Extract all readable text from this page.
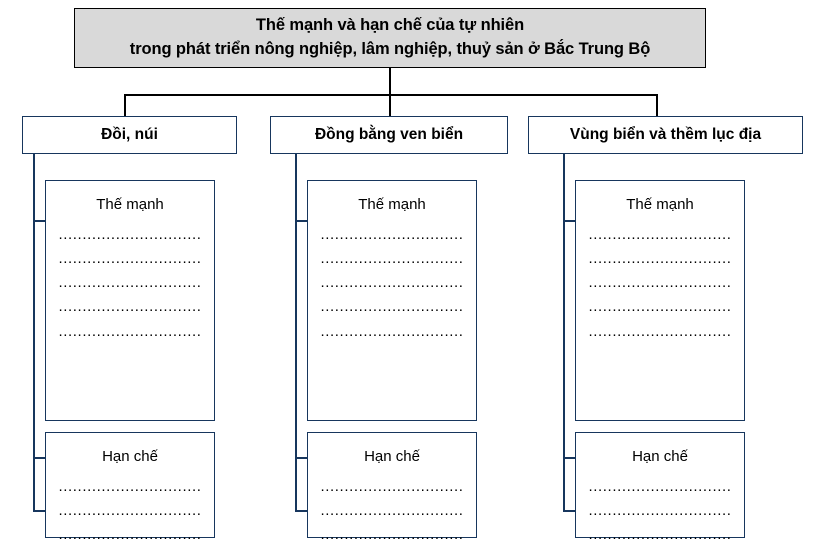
Thế mạnh và hạn chế của tự nhiên
trong phát triển nông nghiệp, lâm nghiệp, thuỷ sản ở Bắc Trung Bộ
Đồi, núi
Thế mạnh
..............................
..............................
..............................
..............................
..............................
Hạn chế
..............................
..............................
..............................
Đồng bằng ven biển
Thế mạnh
..............................
..............................
..............................
..............................
..............................
Hạn chế
..............................
..............................
..............................
Vùng biển và thềm lục địa
Thế mạnh
..............................
..............................
..............................
..............................
..............................
Hạn chế
..............................
..............................
..............................
